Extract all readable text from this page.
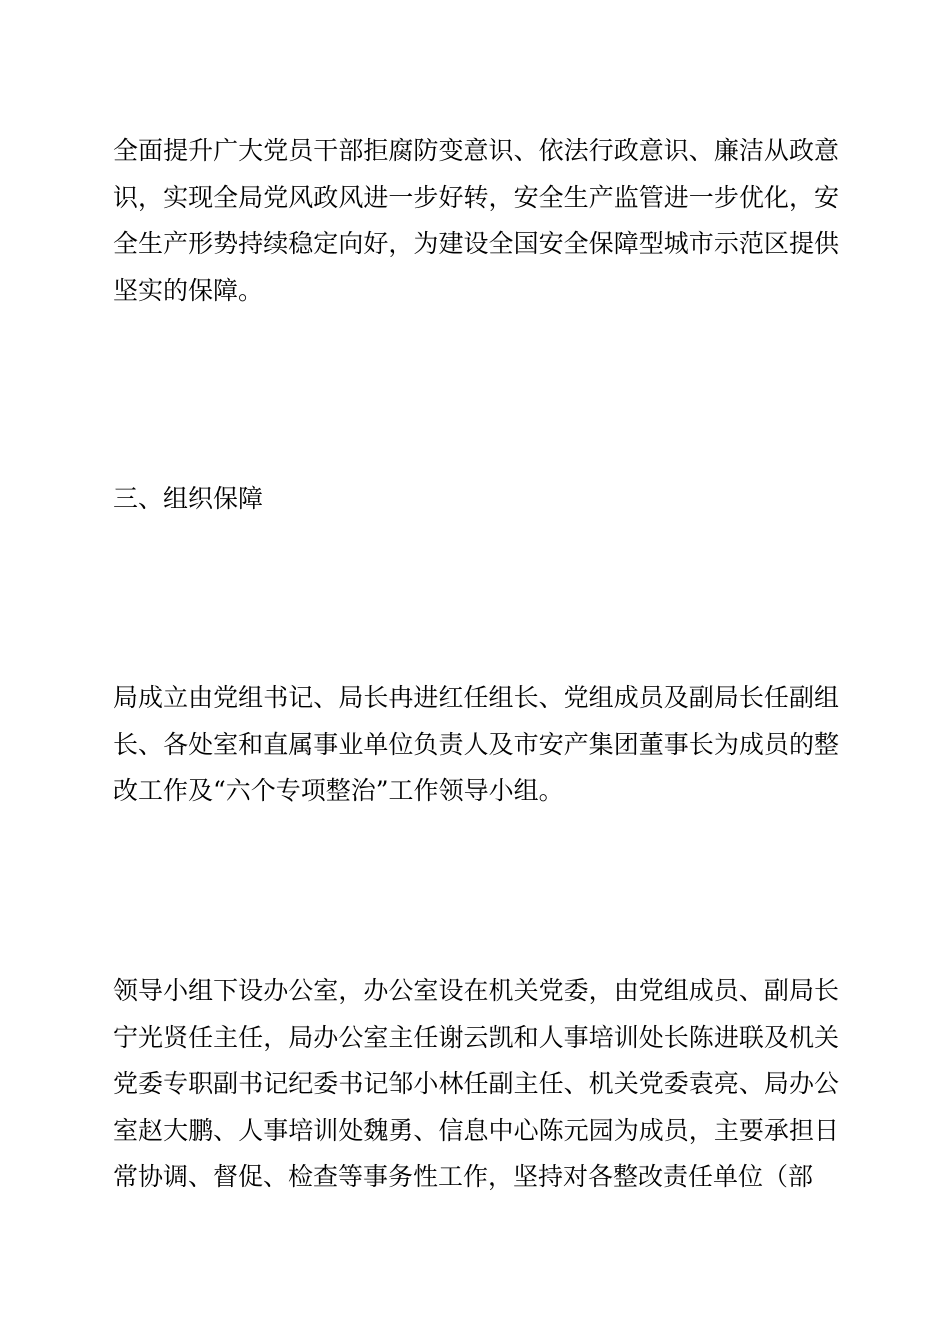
全面提升广大党员干部拒腐防变意识、依法行政意识、廉洁从政意识，实现全局党风政风进一步好转，安全生产监管进一步优化，安全生产形势持续稳定向好，为建设全国安全保障型城市示范区提供坚实的保障。

三、组织保障

局成立由党组书记、局长冉进红任组长、党组成员及副局长任副组长、各处室和直属事业单位负责人及市安产集团董事长为成员的整改工作及“六个专项整治”工作领导小组。

领导小组下设办公室，办公室设在机关党委，由党组成员、副局长宁光贤任主任，局办公室主任谢云凯和人事培训处长陈进联及机关党委专职副书记纪委书记邹小林任副主任、机关党委袁亮、局办公室赵大鹏、人事培训处魏勇、信息中心陈元园为成员，主要承担日常协调、督促、检查等事务性工作，坚持对各整改责任单位（部
